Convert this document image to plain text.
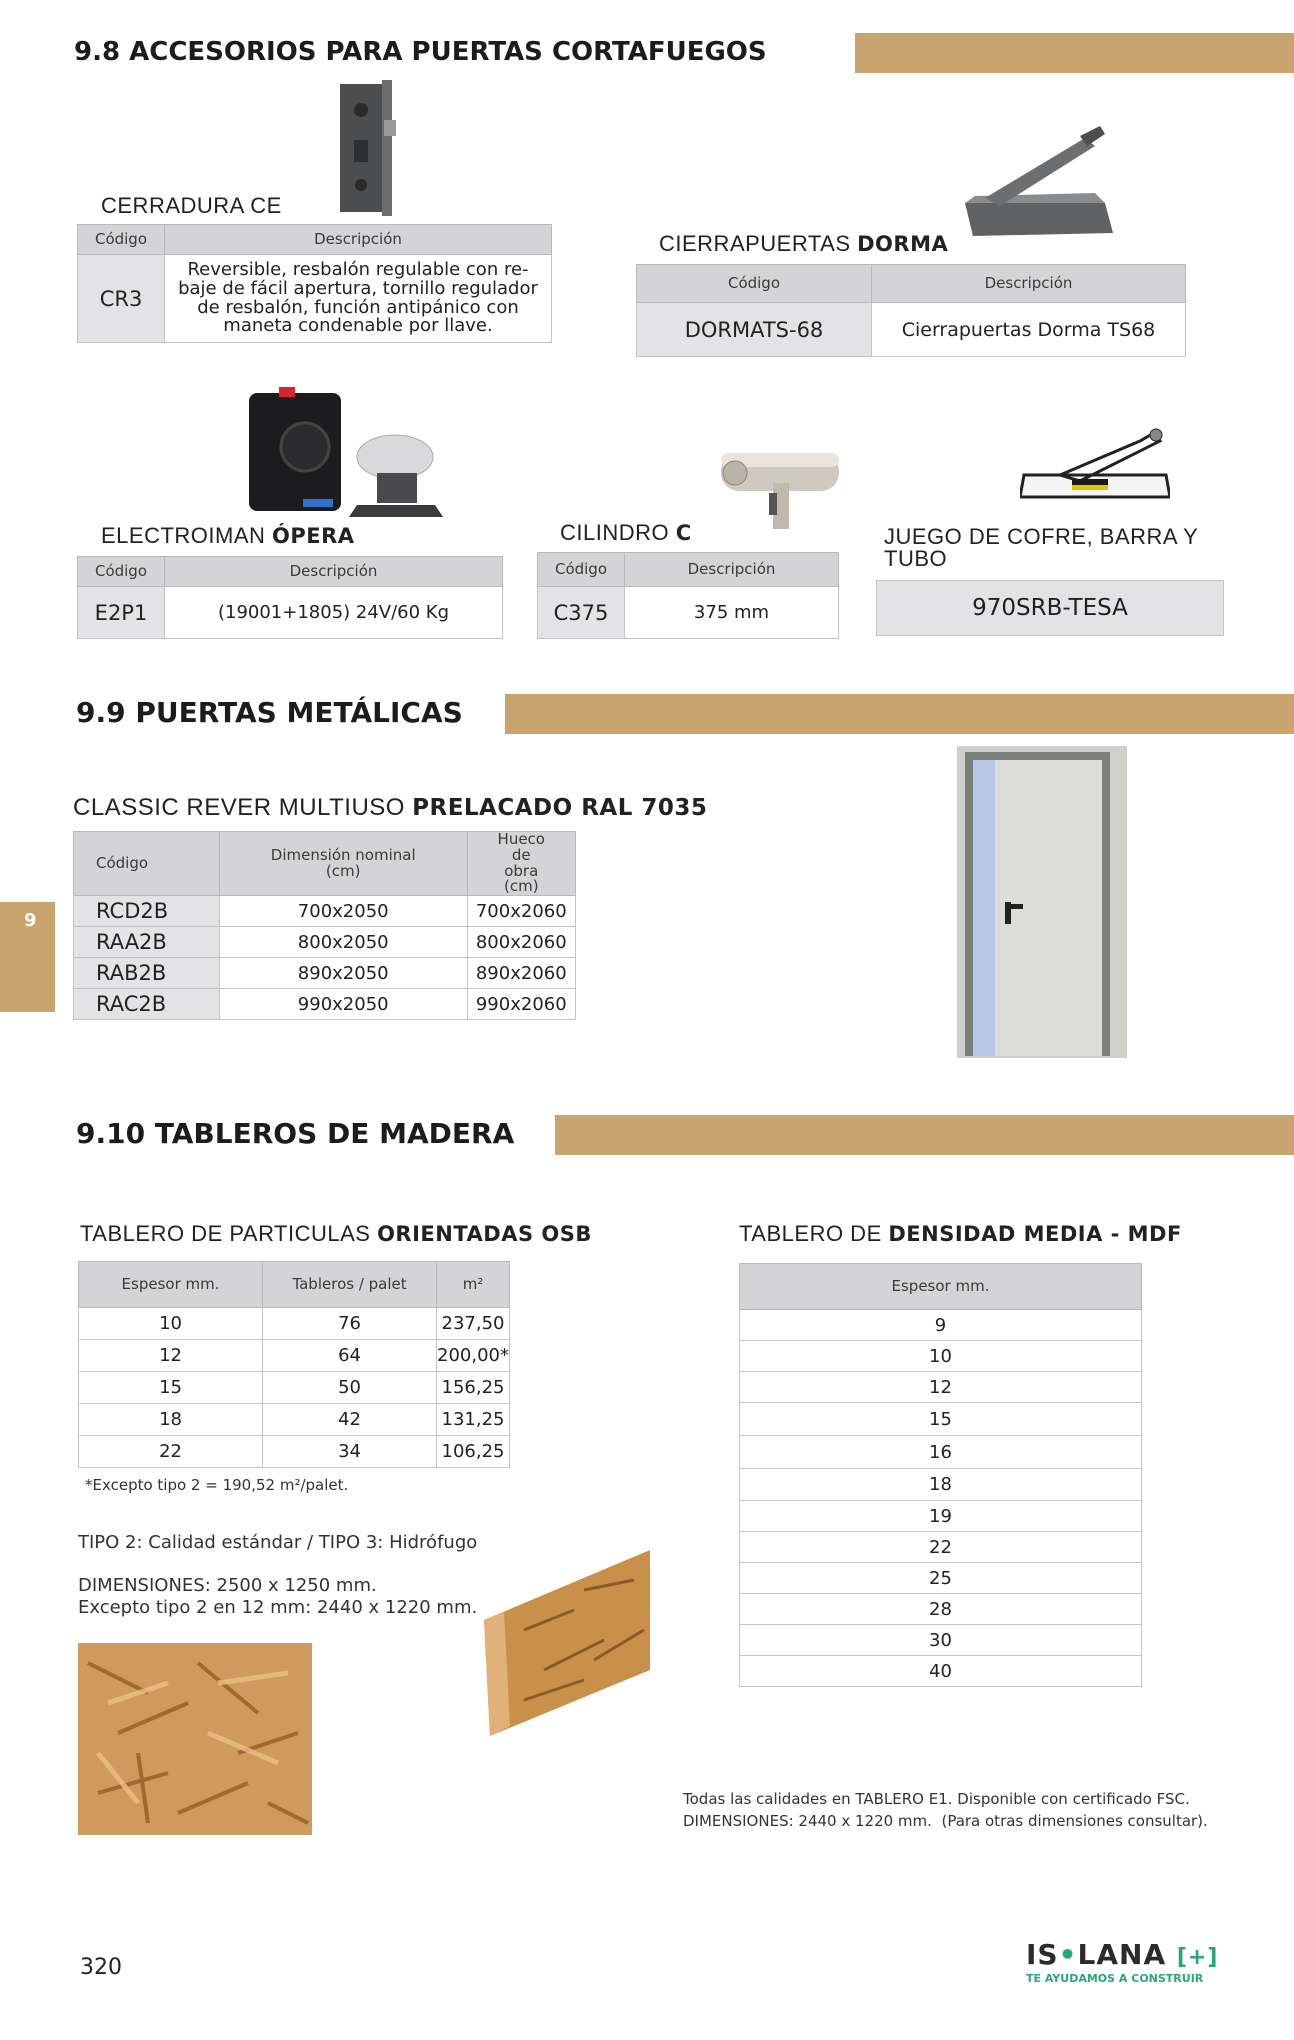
9.8 ACCESORIOS PARA PUERTAS CORTAFUEGOS
CERRADURA CE
Código	Descripción
CR3	Reversible, resbalón regulable con re-baje de fácil apertura, tornillo regulador de resbalón, función antipánico con maneta condenable por llave.
CIERRAPUERTAS DORMA
Código	Descripción
DORMATS-68	Cierrapuertas Dorma TS68
ELECTROIMAN ÓPERA
Código	Descripción
E2P1	(19001+1805) 24V/60 Kg
CILINDRO C
Código	Descripción
C375	375 mm
JUEGO DE COFRE, BARRA Y TUBO
970SRB-TESA
9.9 PUERTAS METÁLICAS
CLASSIC REVER MULTIUSO PRELACADO RAL 7035
Código	Dimensión nominal (cm)	Hueco de obra (cm)
RCD2B	700x2050	700x2060
RAA2B	800x2050	800x2060
RAB2B	890x2050	890x2060
RAC2B	990x2050	990x2060
9
9.10 TABLEROS DE MADERA
TABLERO DE PARTICULAS ORIENTADAS OSB
Espesor mm.	Tableros / palet	m²
10	76	237,50
12	64	200,00*
15	50	156,25
18	42	131,25
22	34	106,25
*Excepto tipo 2 = 190,52 m²/palet.
TIPO 2: Calidad estándar / TIPO 3: Hidrófugo
DIMENSIONES: 2500 x 1250 mm.
Excepto tipo 2 en 12 mm: 2440 x 1220 mm.
TABLERO DE DENSIDAD MEDIA - MDF
Espesor mm.
9
10
12
15
16
18
19
22
25
28
30
40
Todas las calidades en TABLERO E1. Disponible con certificado FSC.
DIMENSIONES: 2440 x 1220 mm.  (Para otras dimensiones consultar).
320	IS•LANA [+]
TE AYUDAMOS A CONSTRUIR
